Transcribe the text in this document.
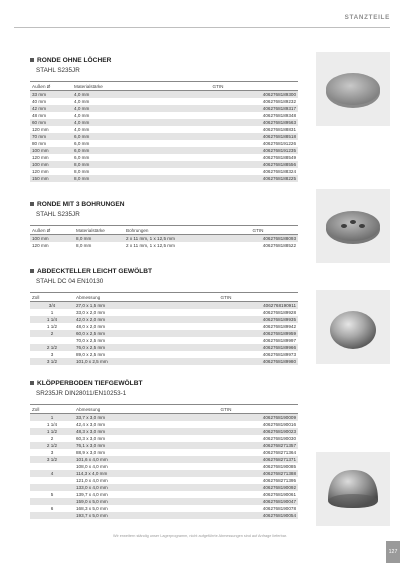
STANZTEILE
RONDE OHNE LÖCHER
STAHL S235JR
Außen Ø	Materialstärke	GTIN
33 mm	4,0 mm	4062768189300
40 mm	4,0 mm	4062768189232
42 mm	4,0 mm	4062768189317
48 mm	4,0 mm	4062768189348
60 mm	4,0 mm	4062768189563
120 mm	4,0 mm	4062768188831
70 mm	6,0 mm	4062768188518
80 mm	6,0 mm	4062768191226
100 mm	6,0 mm	4062768191235
120 mm	6,0 mm	4062768188549
100 mm	8,0 mm	4062768188556
120 mm	8,0 mm	4062768188324
150 mm	8,0 mm	4062768188225
RONDE MIT 3 BOHRUNGEN
STAHL S235JR
Außen Ø	Materialstärke	Bohrungen	GTIN
100 mm	8,0 mm	2 x 11 mm, 1 x 12,5 mm	4062768188093
120 mm	8,0 mm	2 x 11 mm, 1 x 12,5 mm	4062768188522
ABDECKTELLER LEICHT GEWÖLBT
STAHL DC 04 EN10130
Zoll	Abmessung	GTIN
3/4	27,0 x 1,5 mm	4062768190911
1	33,0 x 2,0 mm	4062768189928
1 1/4	42,0 x 2,0 mm	4062768189935
1 1/2	48,0 x 2,0 mm	4062768189942
2	60,0 x 2,5 mm	4062768189959
	70,0 x 2,5 mm	4062768189997
2 1/2	76,0 x 2,5 mm	4062768189966
3	89,0 x 2,5 mm	4062768189973
3 1/2	101,0 x 2,5 mm	4062768189980
KLÖPPERBODEN TIEFGEWÖLBT
SR235JR DIN28011/EN10253-1
Zoll	Abmessung	GTIN
1	33,7 x 3,0 mm	4062768190009
1 1/4	42,4 x 3,0 mm	4062768190016
1 1/2	48,3 x 3,0 mm	4062768190023
2	60,3 x 3,0 mm	4062768190030
2 1/2	76,1 x 3,0 mm	4062768271357
3	88,9 x 3,0 mm	4062768271364
3 1/2	101,6 x 4,0 mm	4062768271371
	108,0 x 4,0 mm	4062768190085
4	114,3 x 4,0 mm	4062768271388
	121,0 x 4,0 mm	4062768271395
	133,0 x 4,0 mm	4062768190092
5	139,7 x 4,0 mm	4062768190061
	159,0 x 5,0 mm	4062768190047
6	168,3 x 5,0 mm	4062768190078
	193,7 x 5,0 mm	4062768190054
Wir erweitern ständig unser Lagerprogramm, nicht aufgeführte Abmessungen sind auf Anfrage lieferbar.
127
